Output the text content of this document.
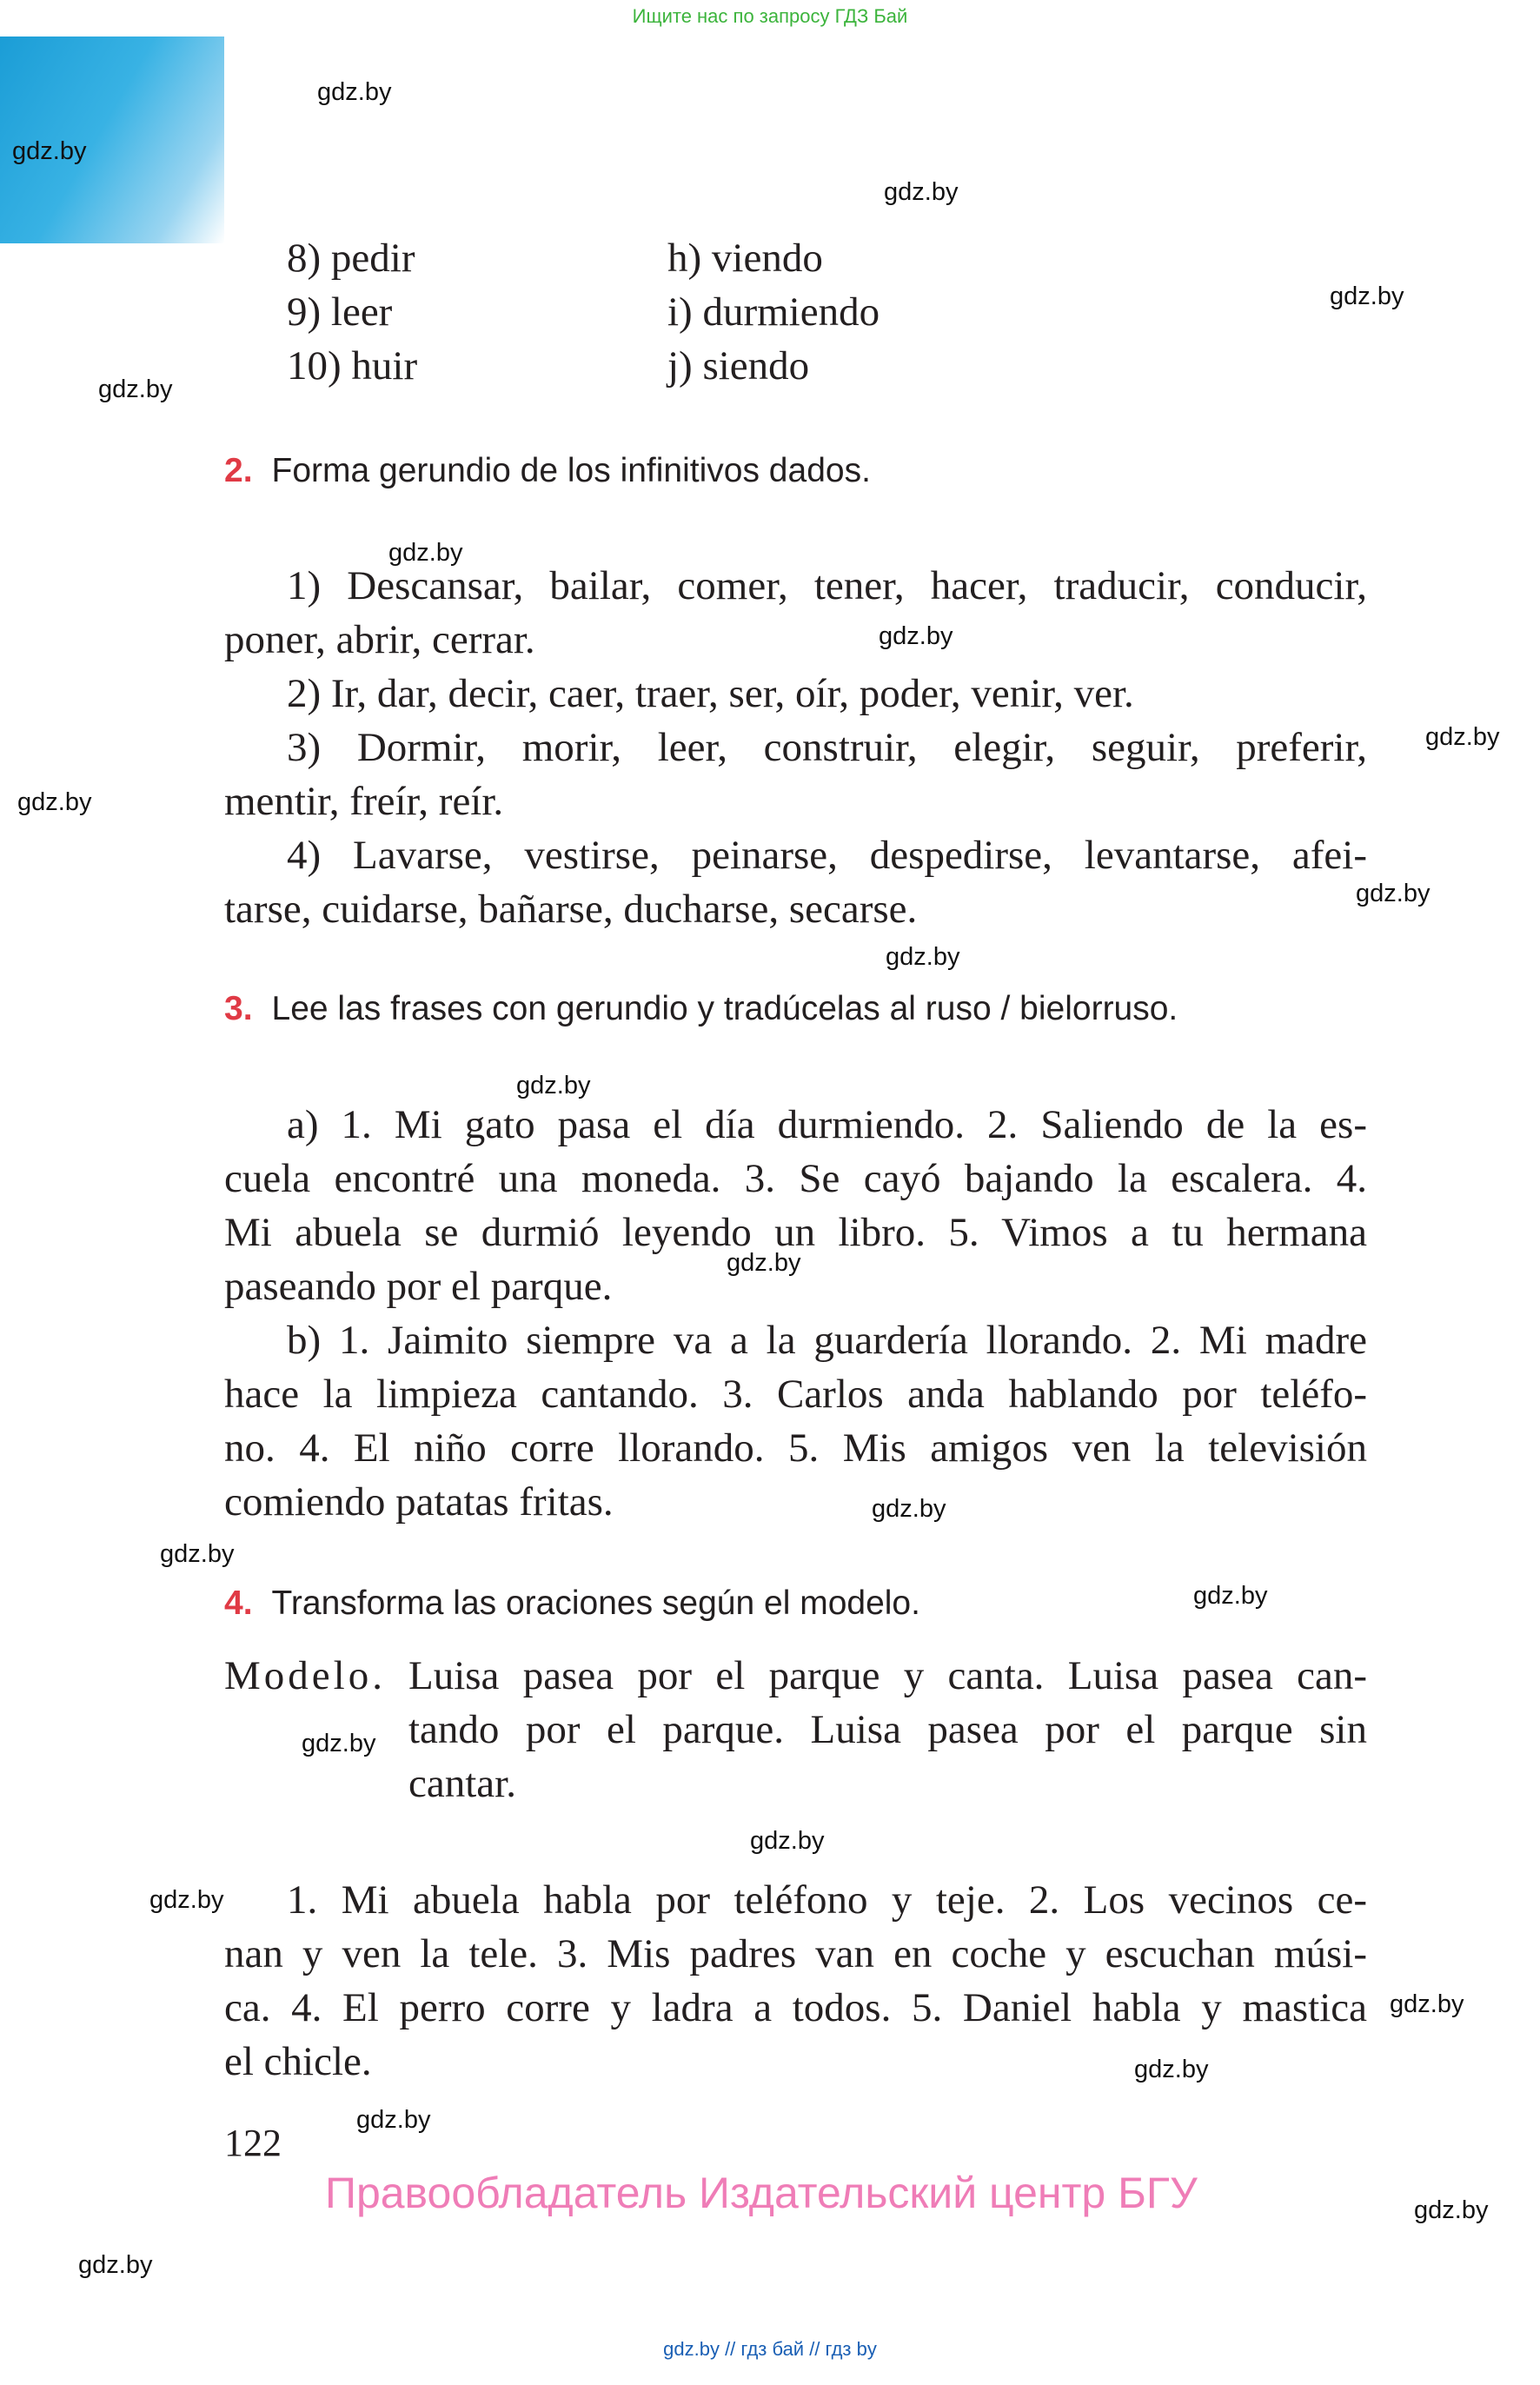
Ищите нас по запросу ГДЗ Бай
gdz.by
gdz.by
gdz.by
gdz.by
gdz.by
gdz.by
gdz.by
gdz.by
gdz.by
gdz.by
gdz.by
gdz.by
gdz.by
gdz.by
gdz.by
gdz.by
gdz.by
gdz.by
gdz.by
gdz.by
gdz.by
gdz.by
gdz.by
gdz.by
8) pedir
9) leer
10) huir
h) viendo
i) durmiendo
j) siendo
2. Forma gerundio de los infinitivos dados.
1) Descansar, bailar, comer, tener, hacer, traducir, conducir,
poner, abrir, cerrar.
2) Ir, dar, decir, caer, traer, ser, oír, poder, venir, ver.
3) Dormir, morir, leer, construir, elegir, seguir, preferir,
mentir, freír, reír.
4) Lavarse, vestirse, peinarse, despedirse, levantarse, afei-
tarse, cuidarse, bañarse, ducharse, secarse.
3. Lee las frases con gerundio y tradúcelas al ruso / bielorruso.
a) 1. Mi gato pasa el día durmiendo. 2. Saliendo de la es-
cuela encontré una moneda. 3. Se cayó bajando la escalera. 4.
Mi abuela se durmió leyendo un libro. 5. Vimos a tu hermana
paseando por el parque.
b) 1. Jaimito siempre va a la guardería llorando. 2. Mi madre
hace la limpieza cantando. 3. Carlos anda hablando por teléfo-
no. 4. El niño corre llorando. 5. Mis amigos ven la televisión
comiendo patatas fritas.
4. Transforma las oraciones según el modelo.
Modelo. Luisa pasea por el parque y canta. Luisa pasea can-
tando por el parque. Luisa pasea por el parque sin
cantar.
1. Mi abuela habla por teléfono y teje. 2. Los vecinos ce-
nan y ven la tele. 3. Mis padres van en coche y escuchan músi-
ca. 4. El perro corre y ladra a todos. 5. Daniel habla y mastica
el chicle.
122
Правообладатель Издательский центр БГУ
gdz.by // гдз бай // гдз by
